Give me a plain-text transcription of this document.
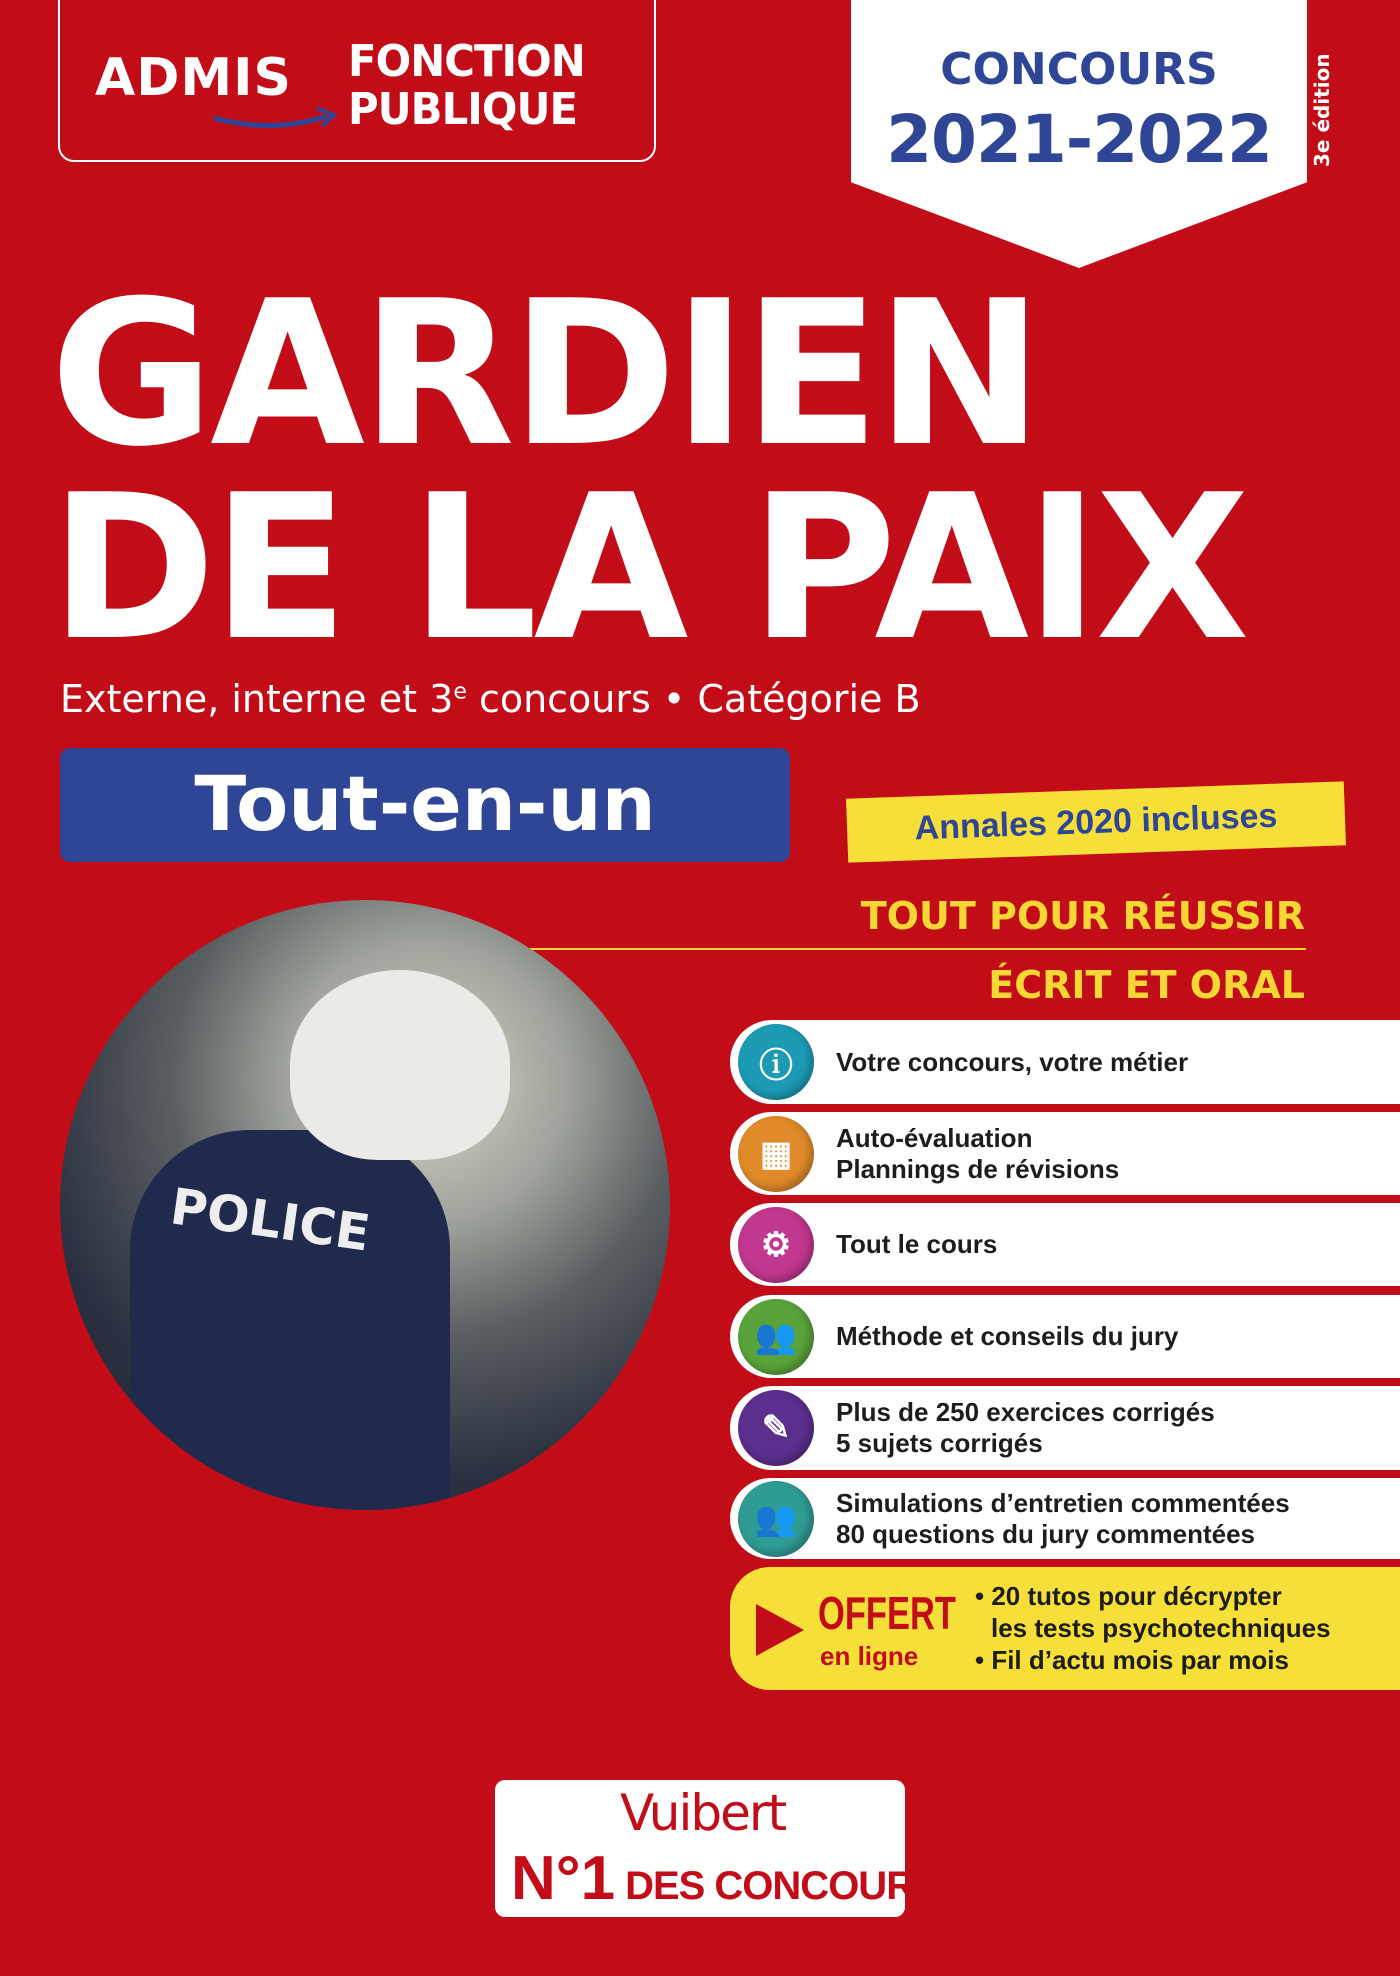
ADMIS FONCTION
PUBLIQUE
CONCOURS
2021-2022	3e édition
GARDIEN
DE LA PAIX
Externe, interne et 3e concours • Catégorie B
Tout-en-un	Annales 2020 incluses
TOUT POUR RÉUSSIR
ÉCRIT ET ORAL
POLICE
ⓘ	Votre concours, votre métier
▦	Auto-évaluation
Plannings de révisions
⚙	Tout le cours
👥	Méthode et conseils du jury
✎	Plus de 250 exercices corrigés
5 sujets corrigés
👥	Simulations d’entretien commentées
80 questions du jury commentées
OFFERT
en ligne
• 20 tutos pour décrypter
les tests psychotechniques
• Fil d’actu mois par mois
Vuibert
N°1 DES CONCOURS
